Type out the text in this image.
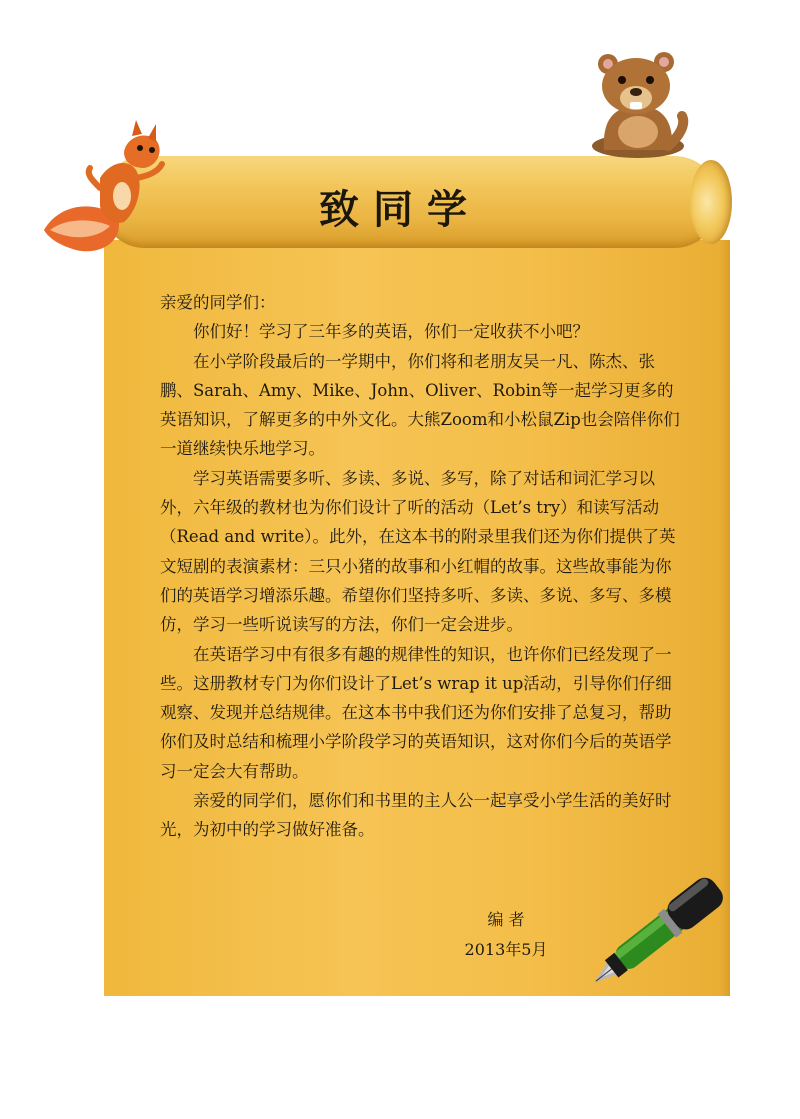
致同学

亲爱的同学们：

你们好！学习了三年多的英语，你们一定收获不小吧？

在小学阶段最后的一学期中，你们将和老朋友吴一凡、陈杰、张鹏、Sarah、Amy、Mike、John、Oliver、Robin等一起学习更多的英语知识，了解更多的中外文化。大熊Zoom和小松鼠Zip也会陪伴你们一道继续快乐地学习。

学习英语需要多听、多读、多说、多写，除了对话和词汇学习以外，六年级的教材也为你们设计了听的活动（Let’s try）和读写活动（Read and write）。此外，在这本书的附录里我们还为你们提供了英文短剧的表演素材：三只小猪的故事和小红帽的故事。这些故事能为你们的英语学习增添乐趣。希望你们坚持多听、多读、多说、多写、多模仿，学习一些听说读写的方法，你们一定会进步。

在英语学习中有很多有趣的规律性的知识，也许你们已经发现了一些。这册教材专门为你们设计了Let’s wrap it up活动，引导你们仔细观察、发现并总结规律。在这本书中我们还为你们安排了总复习，帮助你们及时总结和梳理小学阶段学习的英语知识，这对你们今后的英语学习一定会大有帮助。

亲爱的同学们，愿你们和书里的主人公一起享受小学生活的美好时光，为初中的学习做好准备。

编 者
2013年5月
